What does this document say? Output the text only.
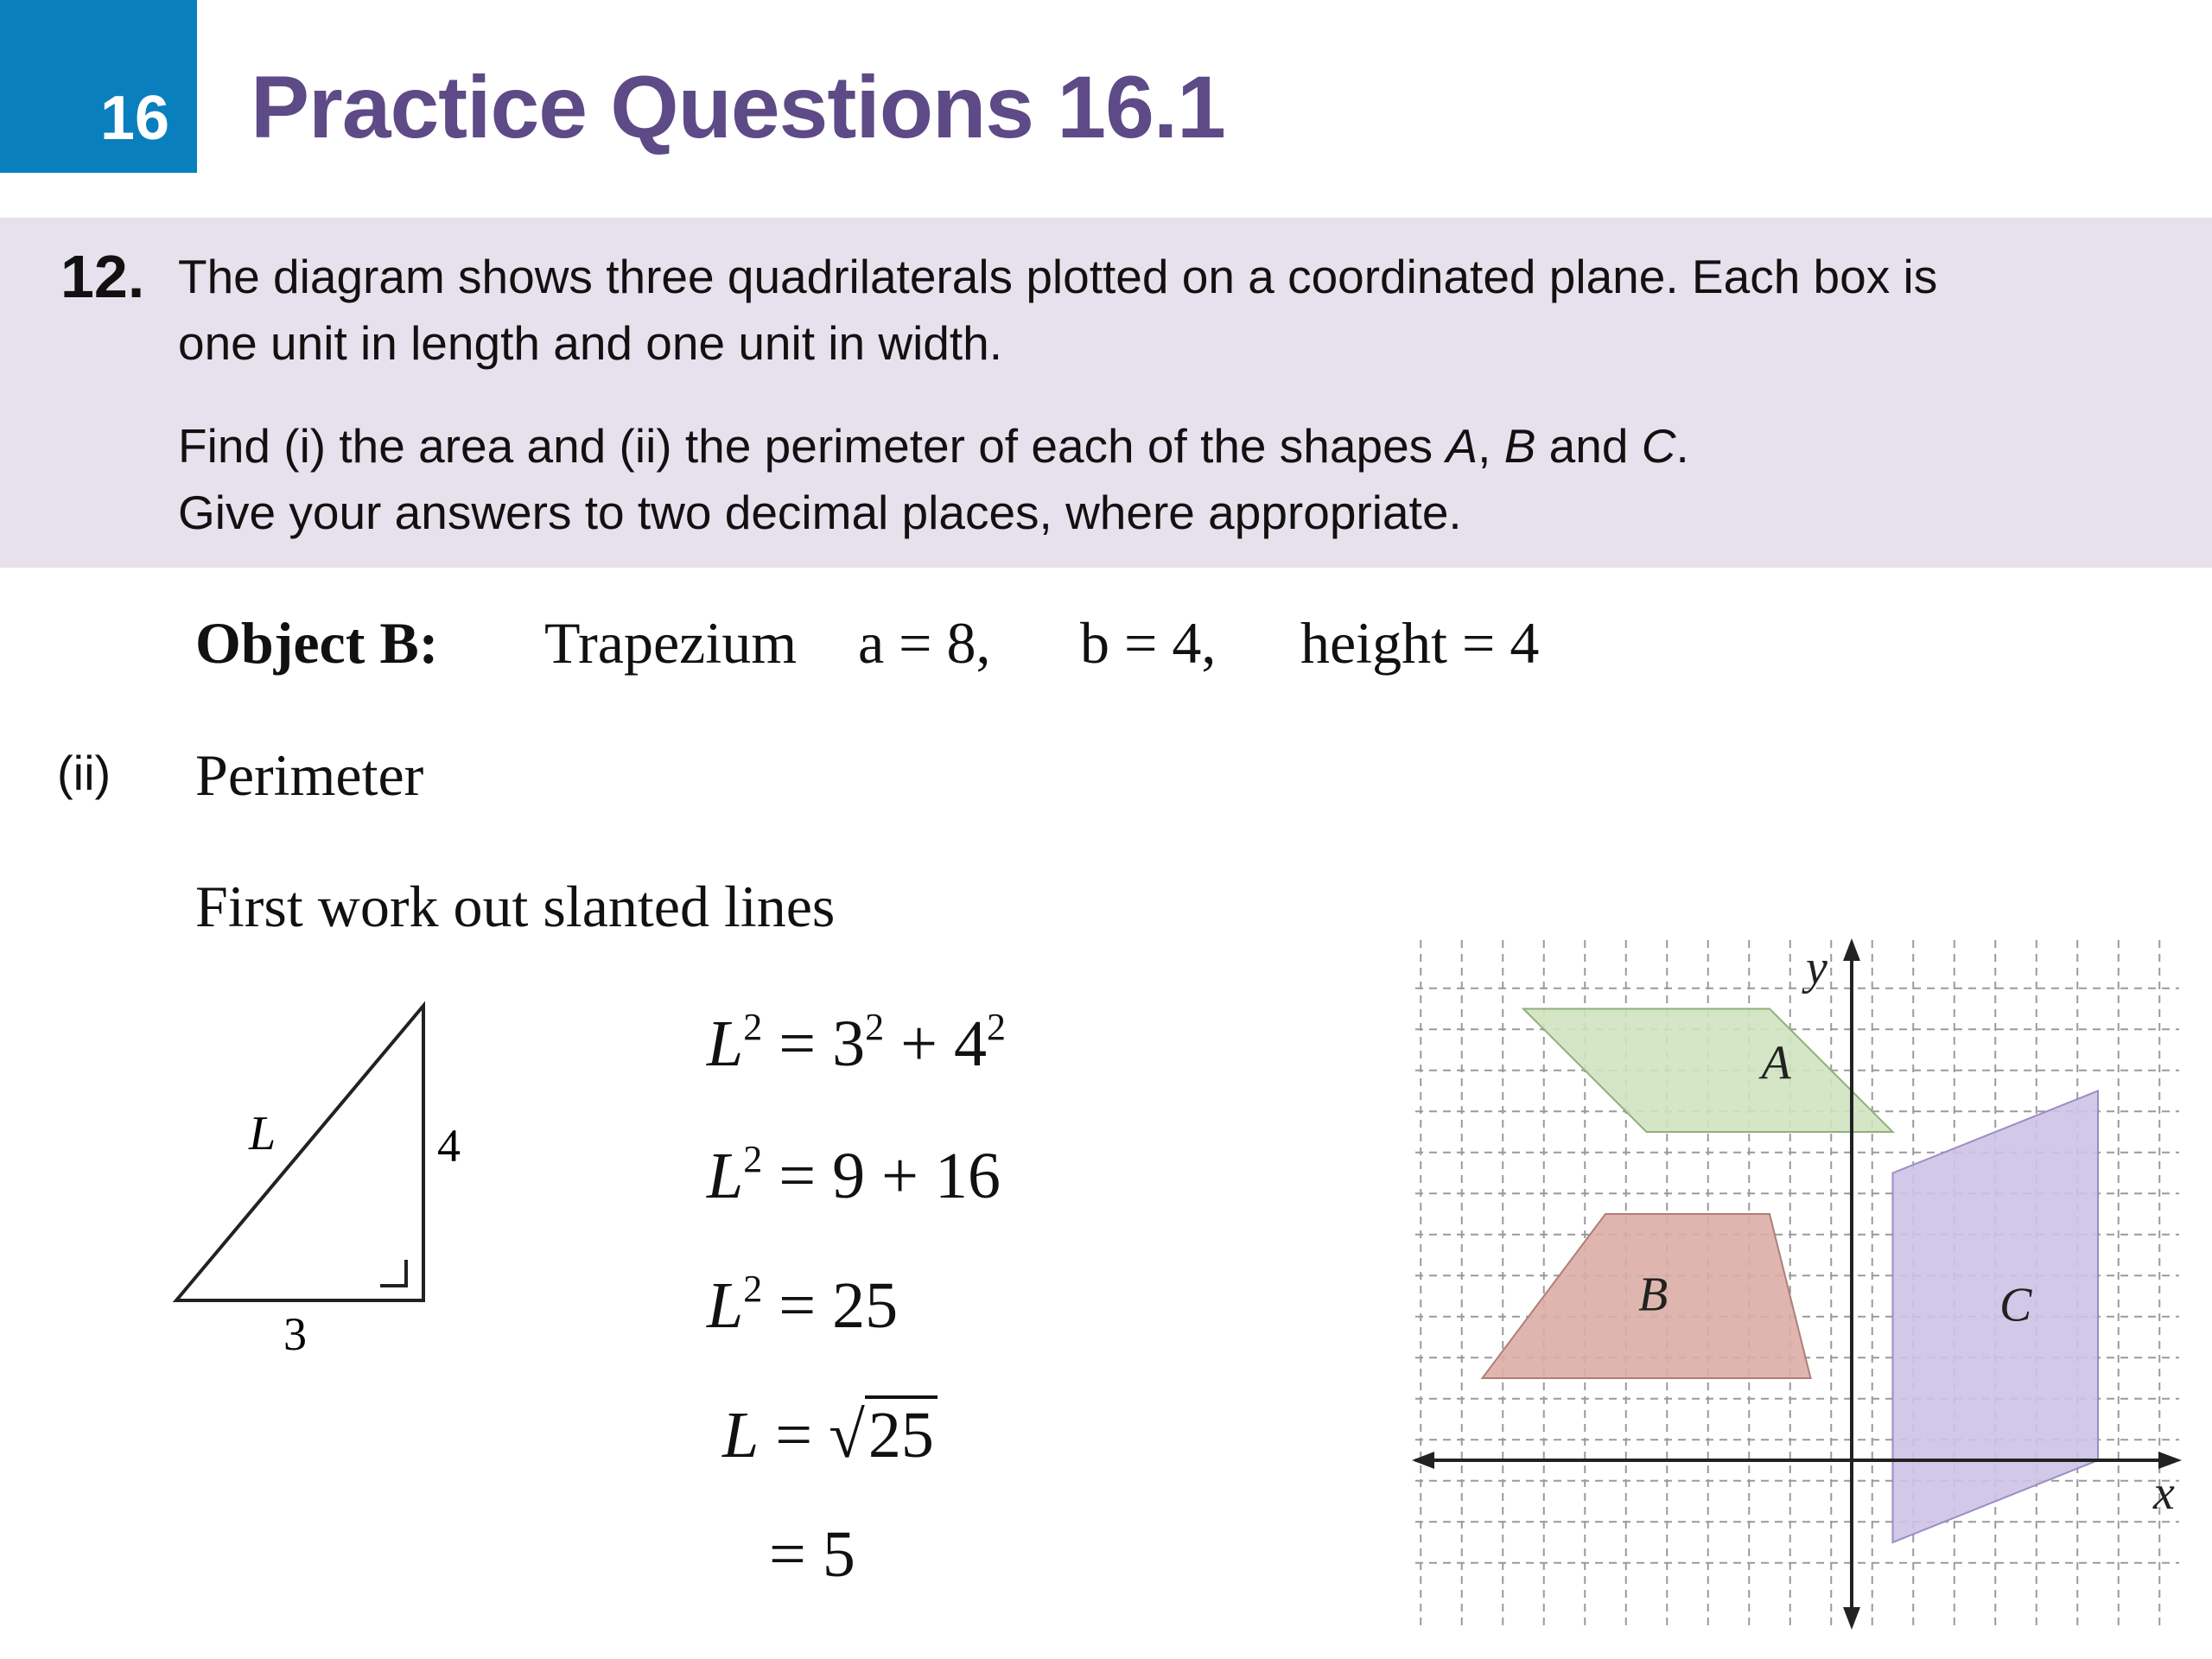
16 Practice Questions 16.1
12. The diagram shows three quadrilaterals plotted on a coordinated plane. Each box is
one unit in length and one unit in width.
Find (i) the area and (ii) the perimeter of each of the shapes A, B and C.
Give your answers to two decimal places, where appropriate.
Object B: Trapezium a = 8, b = 4, height = 4
(ii) Perimeter
First work out slanted lines
L	4
3
$L^2 = 3^2 + 4^2$
$L^2 = 9 + 16$
$L^2 = 25$
L = √25
= 5
A
B	C
x
y
